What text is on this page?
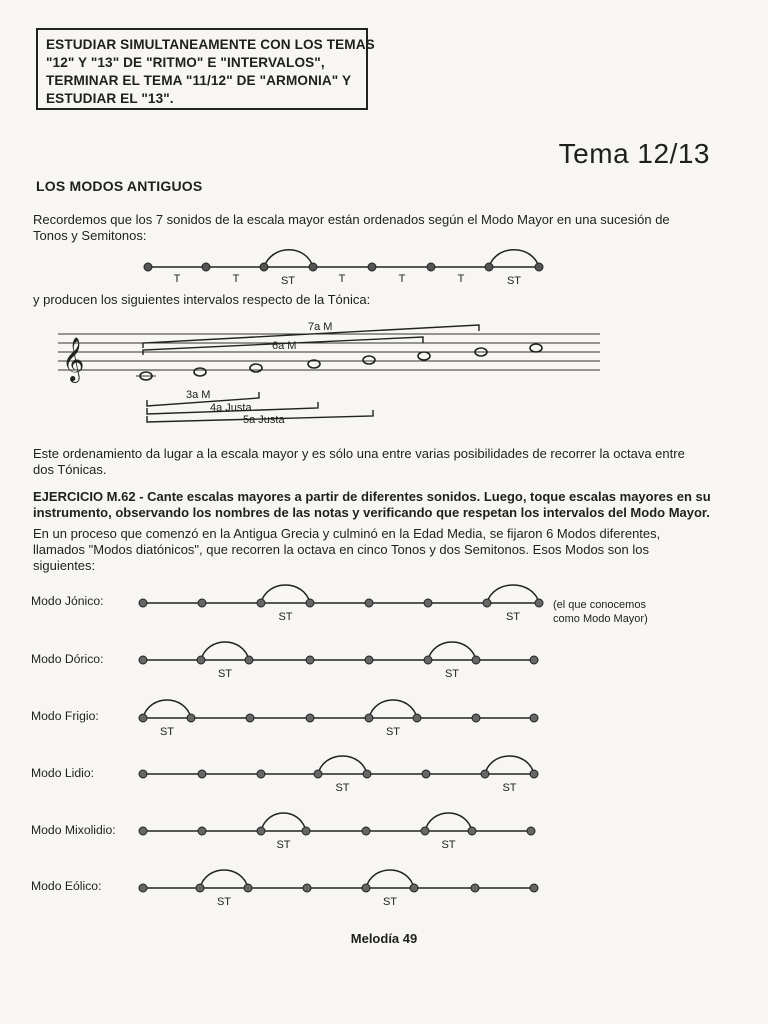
ESTUDIAR SIMULTANEAMENTE CON LOS TEMAS
"12" Y "13" DE "RITMO" E "INTERVALOS",
TERMINAR EL TEMA "11/12" DE "ARMONIA" Y
ESTUDIAR EL "13".
Tema 12/13
LOS MODOS ANTIGUOS
Recordemos que los 7 sonidos de la escala mayor están ordenados según el Modo Mayor en una sucesión de
Tonos y Semitonos:
T	T	ST	T	T	T	ST
y producen los siguientes intervalos respecto de la Tónica:
𝄞
7a M
6a M
3a M
4a Justa
5a Justa
Este ordenamiento da lugar a la escala mayor y es sólo una entre varias posibilidades de recorrer la octava entre
dos Tónicas.
EJERCICIO M.62 - Cante escalas mayores a partir de diferentes sonidos. Luego, toque escalas mayores en su
instrumento, observando los nombres de las notas y verificando que respetan los intervalos del Modo Mayor.
En un proceso que comenzó en la Antigua Grecia y culminó en la Edad Media, se fijaron 6 Modos diferentes,
llamados "Modos diatónicos", que recorren la octava en cinco Tonos y dos Semitonos. Esos Modos son los
siguientes:
Modo Jónico:
Modo Dórico:
Modo Frigio:
Modo Lidio:
Modo Mixolidio:
Modo Eólico:
(el que conocemos
como Modo Mayor)
ST	ST
ST	ST
ST	ST
ST	ST
ST	ST
ST	ST
Melodía 49
